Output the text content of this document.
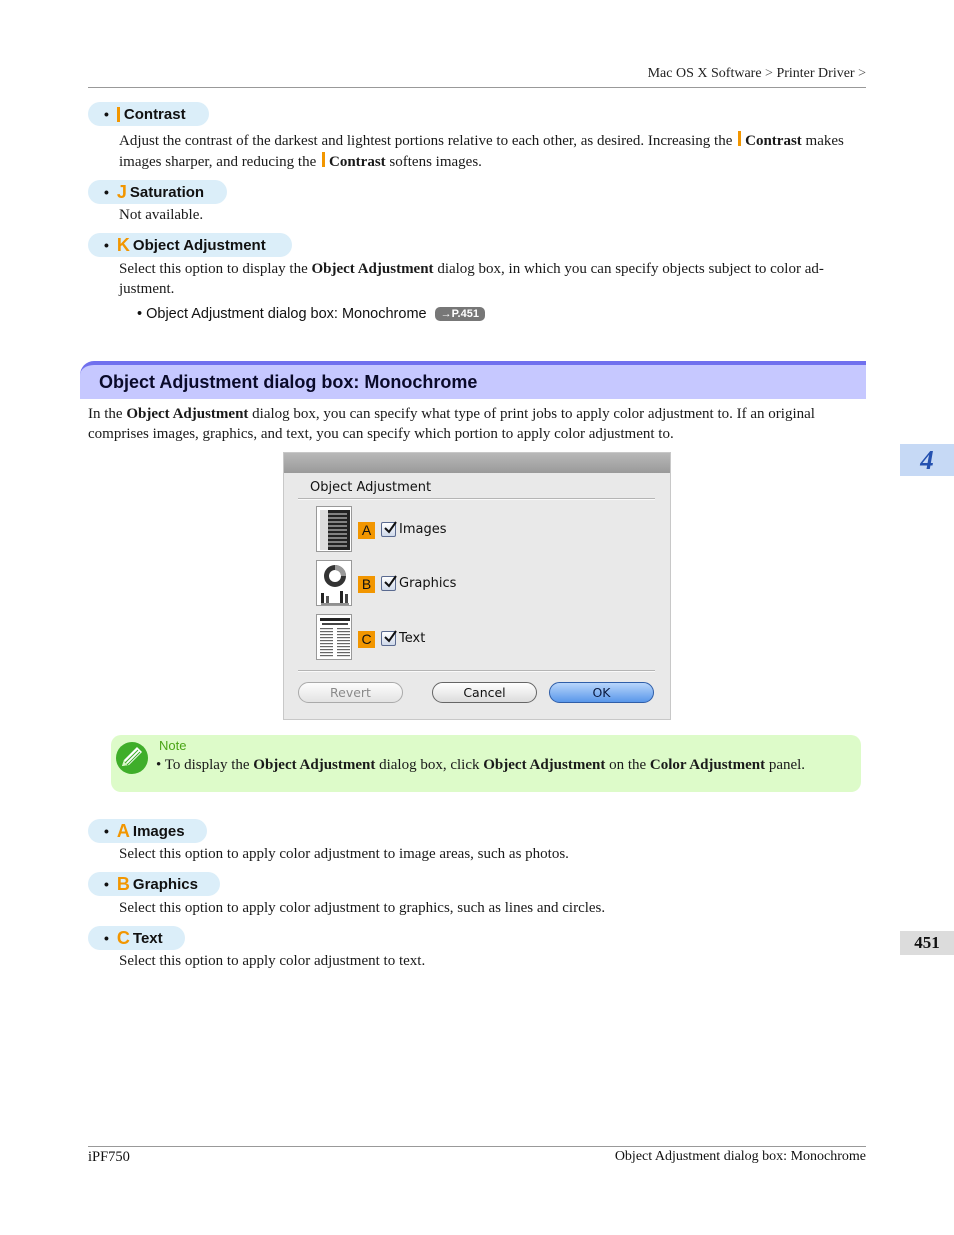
Mac OS X Software > Printer Driver >
• Contrast
Adjust the contrast of the darkest and lightest portions relative to each other, as desired. Increasing the Contrast makes images sharper, and reducing the Contrast softens images.
• J Saturation
Not available.
• K Object Adjustment
Select this option to display the Object Adjustment dialog box, in which you can specify objects subject to color ad- justment.
• Object Adjustment dialog box: Monochrome →P.451
Object Adjustment dialog box: Monochrome
In the Object Adjustment dialog box, you can specify what type of print jobs to apply color adjustment to. If an original comprises images, graphics, and text, you can specify which portion to apply color adjustment to.
Object Adjustment
A Images
B Graphics
C Text
Revert	Cancel	OK
Note
• To display the Object Adjustment dialog box, click Object Adjustment on the Color Adjustment panel.
• A Images
Select this option to apply color adjustment to image areas, such as photos.
• B Graphics
Select this option to apply color adjustment to graphics, such as lines and circles.
• C Text
Select this option to apply color adjustment to text.
4
451
iPF750	Object Adjustment dialog box: Monochrome
